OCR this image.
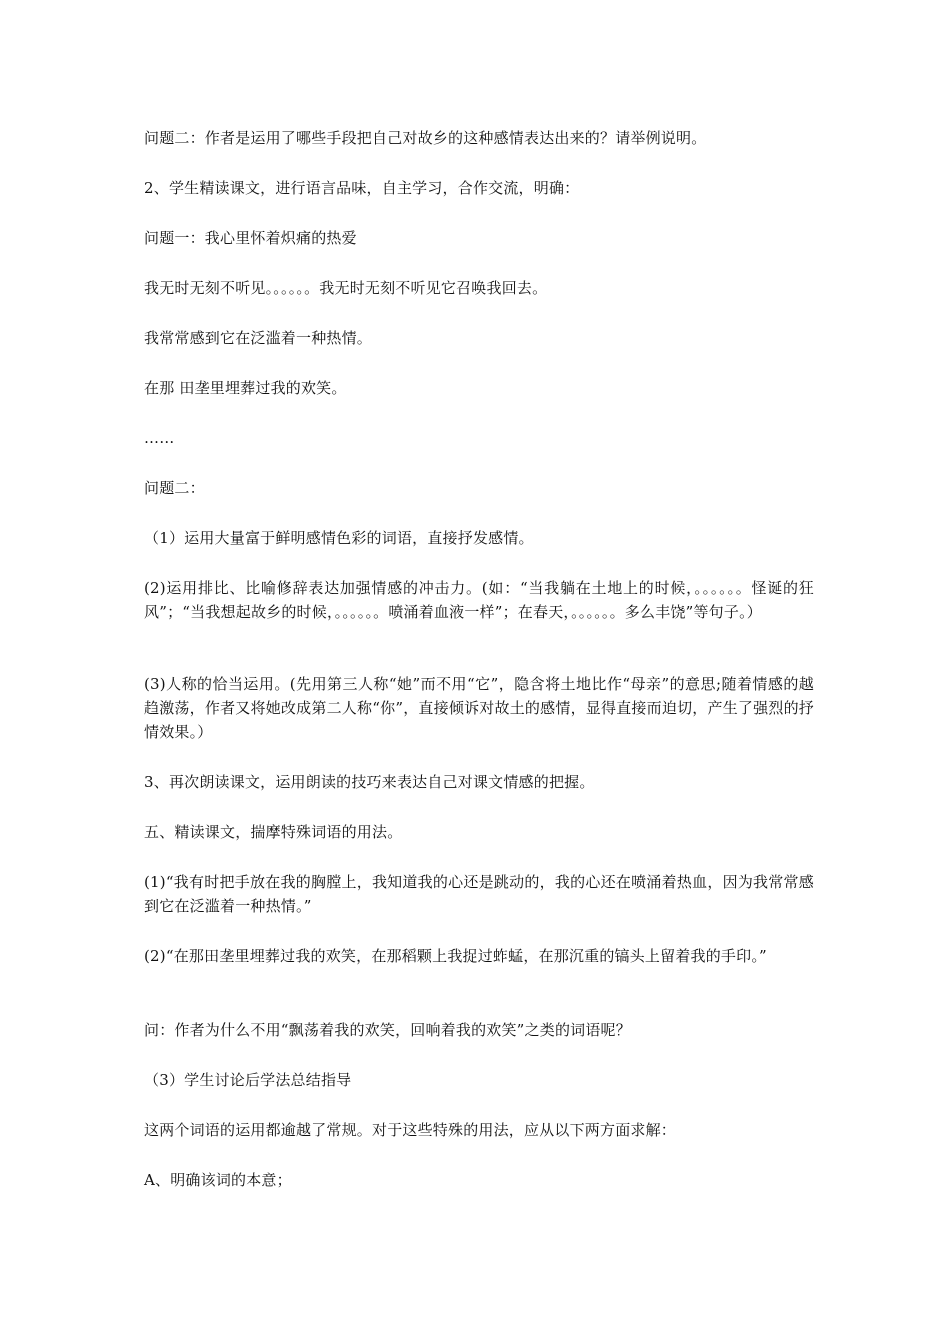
问题二：作者是运用了哪些手段把自己对故乡的这种感情表达出来的？请举例说明。

2、学生精读课文，进行语言品味，自主学习，合作交流，明确：

问题一：我心里怀着炽痛的热爱

我无时无刻不听见。。。。。。我无时无刻不听见它召唤我回去。

我常常感到它在泛滥着一种热情。

在那 田垄里埋葬过我的欢笑。

……

问题二：

（1）运用大量富于鲜明感情色彩的词语，直接抒发感情。

(2)运用排比、比喻修辞表达加强情感的冲击力。(如：“当我躺在土地上的时候，。。。。。。怪诞的狂风”；“当我想起故乡的时候，。。。。。。喷涌着血液一样”；在春天，。。。。。。多么丰饶”等句子。）

(3)人称的恰当运用。(先用第三人称“她”而不用“它”，隐含将土地比作“母亲”的意思;随着情感的越趋激荡，作者又将她改成第二人称“你”，直接倾诉对故土的感情，显得直接而迫切，产生了强烈的抒情效果。）

3、再次朗读课文，运用朗读的技巧来表达自己对课文情感的把握。

五、精读课文，揣摩特殊词语的用法。

(1)“我有时把手放在我的胸膛上，我知道我的心还是跳动的，我的心还在喷涌着热血，因为我常常感到它在泛滥着一种热情。”

(2)“在那田垄里埋葬过我的欢笑，在那稻颗上我捉过蚱蜢，在那沉重的镐头上留着我的手印。”

问：作者为什么不用“飘荡着我的欢笑，回响着我的欢笑”之类的词语呢？

（3）学生讨论后学法总结指导

这两个词语的运用都逾越了常规。对于这些特殊的用法，应从以下两方面求解：

A、明确该词的本意；
